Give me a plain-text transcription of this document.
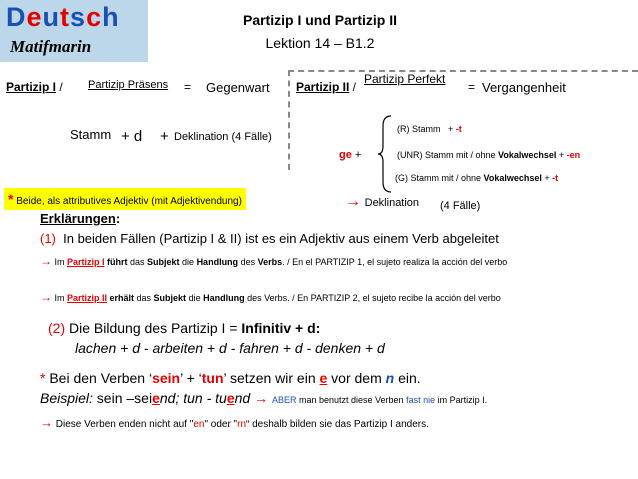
Deutsch
Matifmarin
Partizip I und Partizip II
Lektion 14 – B1.2
Partizip I / Partizip Präsens = Gegenwart
Stamm + d + Deklination (4 Fälle)
Partizip II /
Partizip Perfekt
= Vergangenheit
ge +
(R) Stamm + -t
(UNR) Stamm mit / ohne Vokalwechsel + -en
(G) Stamm mit / ohne Vokalwechsel + -t
→ Deklination (4 Fälle)
* Beide, als attributives Adjektiv (mit Adjektivendung)
Erklärungen:
(1) In beiden Fällen (Partizip I & II) ist es ein Adjektiv aus einem Verb abgeleitet
→ Im Partizip I führt das Subjekt die Handlung des Verbs. / En el PARTIZIP 1, el sujeto realiza la acción del verbo
→ Im Partizip II erhält das Subjekt die Handlung des Verbs. / En PARTIZIP 2, el sujeto recibe la acción del verbo
(2) Die Bildung des Partizip I = Infinitiv + d:
lachen + d - arbeiten + d - fahren + d - denken + d
* Bei den Verben ‘sein’ + ‘tun’ setzen wir ein e vor dem n ein.
Beispiel: sein –seiend; tun - tuend → ABER man benutzt diese Verben fast nie im Partizip I.
→ Diese Verben enden nicht auf "en" oder "rn“ deshalb bilden sie das Partizip I anders.
